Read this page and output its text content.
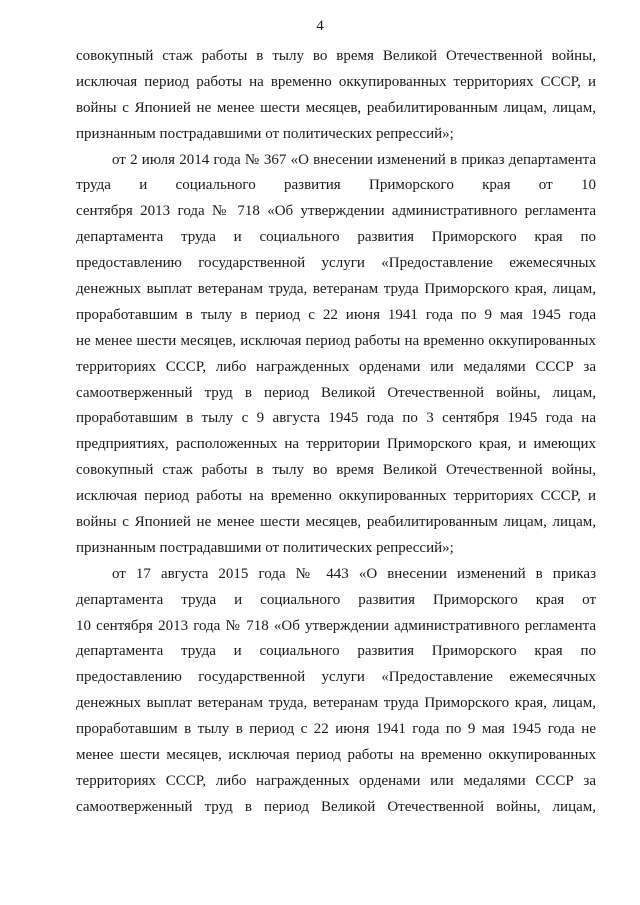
4
совокупный стаж работы в тылу во время Великой Отечественной войны,
исключая период работы на временно оккупированных территориях СССР, и
войны с Японией не менее шести месяцев, реабилитированным лицам, лицам,
признанным пострадавшими от политических репрессий»;
от 2 июля 2014 года № 367 «О внесении изменений в приказ департамента
труда и социального развития Приморского края от 10
сентября 2013 года № 718 «Об утверждении административного регламента
департамента труда и социального развития Приморского края по
предоставлению государственной услуги «Предоставление ежемесячных
денежных выплат ветеранам труда, ветеранам труда Приморского края, лицам,
проработавшим в тылу в период с 22 июня 1941 года по 9 мая 1945 года
не менее шести месяцев, исключая период работы на временно оккупированных
территориях СССР, либо награжденных орденами или медалями СССР за
самоотверженный труд в период Великой Отечественной войны, лицам,
проработавшим в тылу с 9 августа 1945 года по 3 сентября 1945 года на
предприятиях, расположенных на территории Приморского края, и имеющих
совокупный стаж работы в тылу во время Великой Отечественной войны,
исключая период работы на временно оккупированных территориях СССР, и
войны с Японией не менее шести месяцев, реабилитированным лицам, лицам,
признанным пострадавшими от политических репрессий»;
от 17 августа 2015 года № 443 «О внесении изменений в приказ
департамента труда и социального развития Приморского края от
10 сентября 2013 года № 718 «Об утверждении административного регламента
департамента труда и социального развития Приморского края по
предоставлению государственной услуги «Предоставление ежемесячных
денежных выплат ветеранам труда, ветеранам труда Приморского края, лицам,
проработавшим в тылу в период с 22 июня 1941 года по 9 мая 1945 года не
менее шести месяцев, исключая период работы на временно оккупированных
территориях СССР, либо награжденных орденами или медалями СССР за
самоотверженный труд в период Великой Отечественной войны, лицам,
